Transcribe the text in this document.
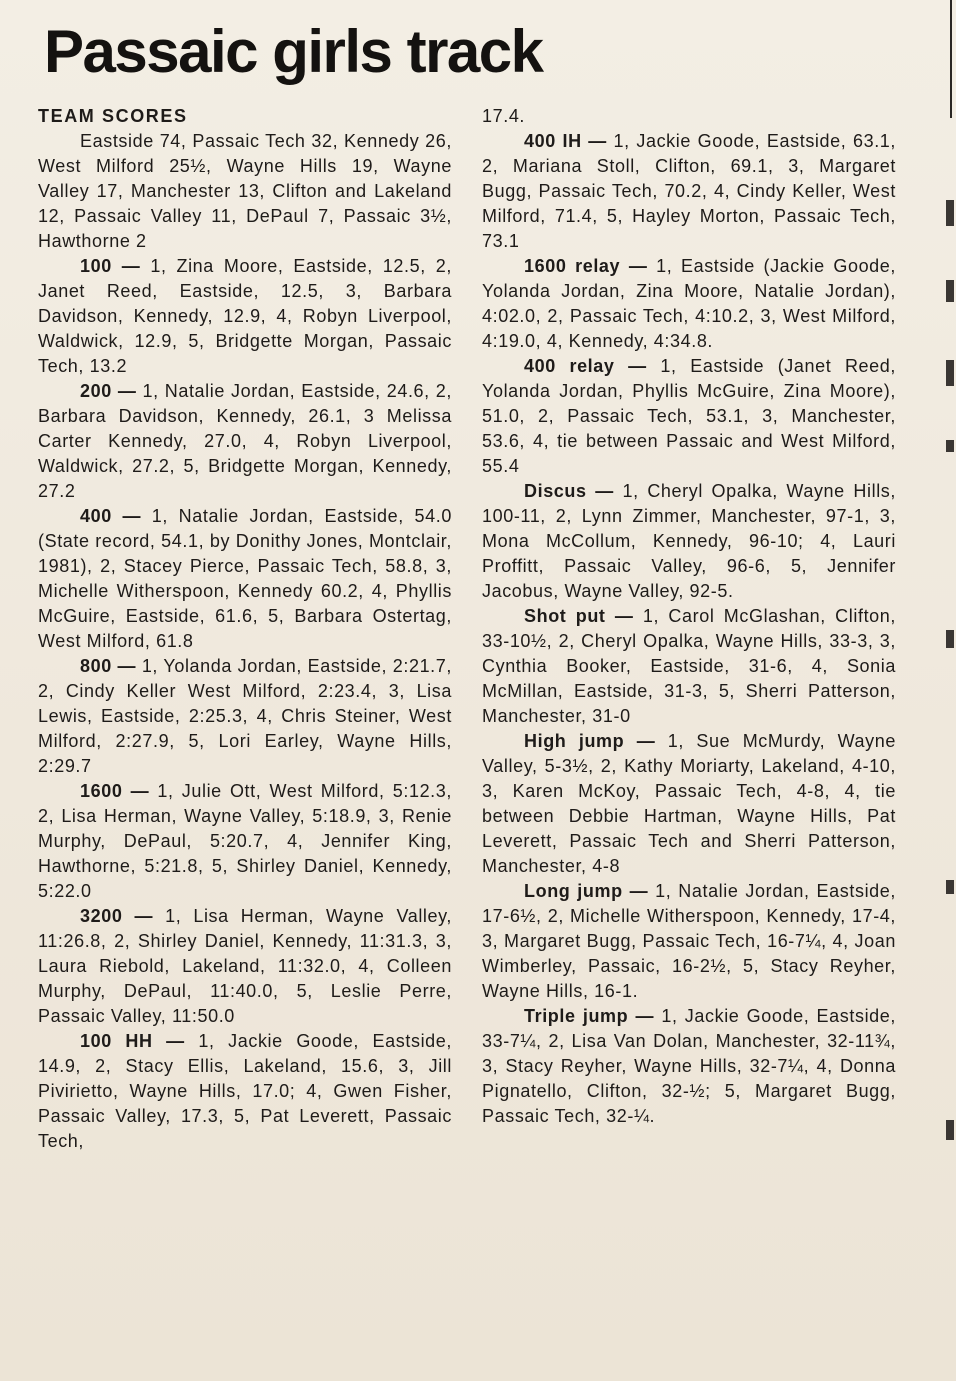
Passaic girls track

TEAM SCORES

Eastside 74, Passaic Tech 32, Kennedy 26, West Milford 25½, Wayne Hills 19, Wayne Valley 17, Manchester 13, Clifton and Lakeland 12, Passaic Valley 11, DePaul 7, Passaic 3½, Hawthorne 2

100 — 1, Zina Moore, Eastside, 12.5, 2, Janet Reed, Eastside, 12.5, 3, Barbara Davidson, Kennedy, 12.9, 4, Robyn Liverpool, Waldwick, 12.9, 5, Bridgette Morgan, Passaic Tech, 13.2

200 — 1, Natalie Jordan, Eastside, 24.6, 2, Barbara Davidson, Kennedy, 26.1, 3 Melissa Carter Kennedy, 27.0, 4, Robyn Liverpool, Waldwick, 27.2, 5, Bridgette Morgan, Kennedy, 27.2

400 — 1, Natalie Jordan, Eastside, 54.0 (State record, 54.1, by Donithy Jones, Montclair, 1981), 2, Stacey Pierce, Passaic Tech, 58.8, 3, Michelle Witherspoon, Kennedy 60.2, 4, Phyllis McGuire, Eastside, 61.6, 5, Barbara Ostertag, West Milford, 61.8

800 — 1, Yolanda Jordan, Eastside, 2:21.7, 2, Cindy Keller West Milford, 2:23.4, 3, Lisa Lewis, Eastside, 2:25.3, 4, Chris Steiner, West Milford, 2:27.9, 5, Lori Earley, Wayne Hills, 2:29.7

1600 — 1, Julie Ott, West Milford, 5:12.3, 2, Lisa Herman, Wayne Valley, 5:18.9, 3, Renie Murphy, DePaul, 5:20.7, 4, Jennifer King, Hawthorne, 5:21.8, 5, Shirley Daniel, Kennedy, 5:22.0

3200 — 1, Lisa Herman, Wayne Valley, 11:26.8, 2, Shirley Daniel, Kennedy, 11:31.3, 3, Laura Riebold, Lakeland, 11:32.0, 4, Colleen Murphy, DePaul, 11:40.0, 5, Leslie Perre, Passaic Valley, 11:50.0

100 HH — 1, Jackie Goode, Eastside, 14.9, 2, Stacy Ellis, Lakeland, 15.6, 3, Jill Pivirietto, Wayne Hills, 17.0; 4, Gwen Fisher, Passaic Valley, 17.3, 5, Pat Leverett, Passaic Tech,

17.4.

400 IH — 1, Jackie Goode, Eastside, 63.1, 2, Mariana Stoll, Clifton, 69.1, 3, Margaret Bugg, Passaic Tech, 70.2, 4, Cindy Keller, West Milford, 71.4, 5, Hayley Morton, Passaic Tech, 73.1

1600 relay — 1, Eastside (Jackie Goode, Yolanda Jordan, Zina Moore, Natalie Jordan), 4:02.0, 2, Passaic Tech, 4:10.2, 3, West Milford, 4:19.0, 4, Kennedy, 4:34.8.

400 relay — 1, Eastside (Janet Reed, Yolanda Jordan, Phyllis McGuire, Zina Moore), 51.0, 2, Passaic Tech, 53.1, 3, Manchester, 53.6, 4, tie between Passaic and West Milford, 55.4

Discus — 1, Cheryl Opalka, Wayne Hills, 100-11, 2, Lynn Zimmer, Manchester, 97-1, 3, Mona McCollum, Kennedy, 96-10; 4, Lauri Proffitt, Passaic Valley, 96-6, 5, Jennifer Jacobus, Wayne Valley, 92-5.

Shot put — 1, Carol McGlashan, Clifton, 33-10½, 2, Cheryl Opalka, Wayne Hills, 33-3, 3, Cynthia Booker, Eastside, 31-6, 4, Sonia McMillan, Eastside, 31-3, 5, Sherri Patterson, Manchester, 31-0

High jump — 1, Sue McMurdy, Wayne Valley, 5-3½, 2, Kathy Moriarty, Lakeland, 4-10, 3, Karen McKoy, Passaic Tech, 4-8, 4, tie between Debbie Hartman, Wayne Hills, Pat Leverett, Passaic Tech and Sherri Patterson, Manchester, 4-8

Long jump — 1, Natalie Jordan, Eastside, 17-6½, 2, Michelle Witherspoon, Kennedy, 17-4, 3, Margaret Bugg, Passaic Tech, 16-7¼, 4, Joan Wimberley, Passaic, 16-2½, 5, Stacy Reyher, Wayne Hills, 16-1.

Triple jump — 1, Jackie Goode, Eastside, 33-7¼, 2, Lisa Van Dolan, Manchester, 32-11¾, 3, Stacy Reyher, Wayne Hills, 32-7¼, 4, Donna Pignatello, Clifton, 32-½; 5, Margaret Bugg, Passaic Tech, 32-¼.
